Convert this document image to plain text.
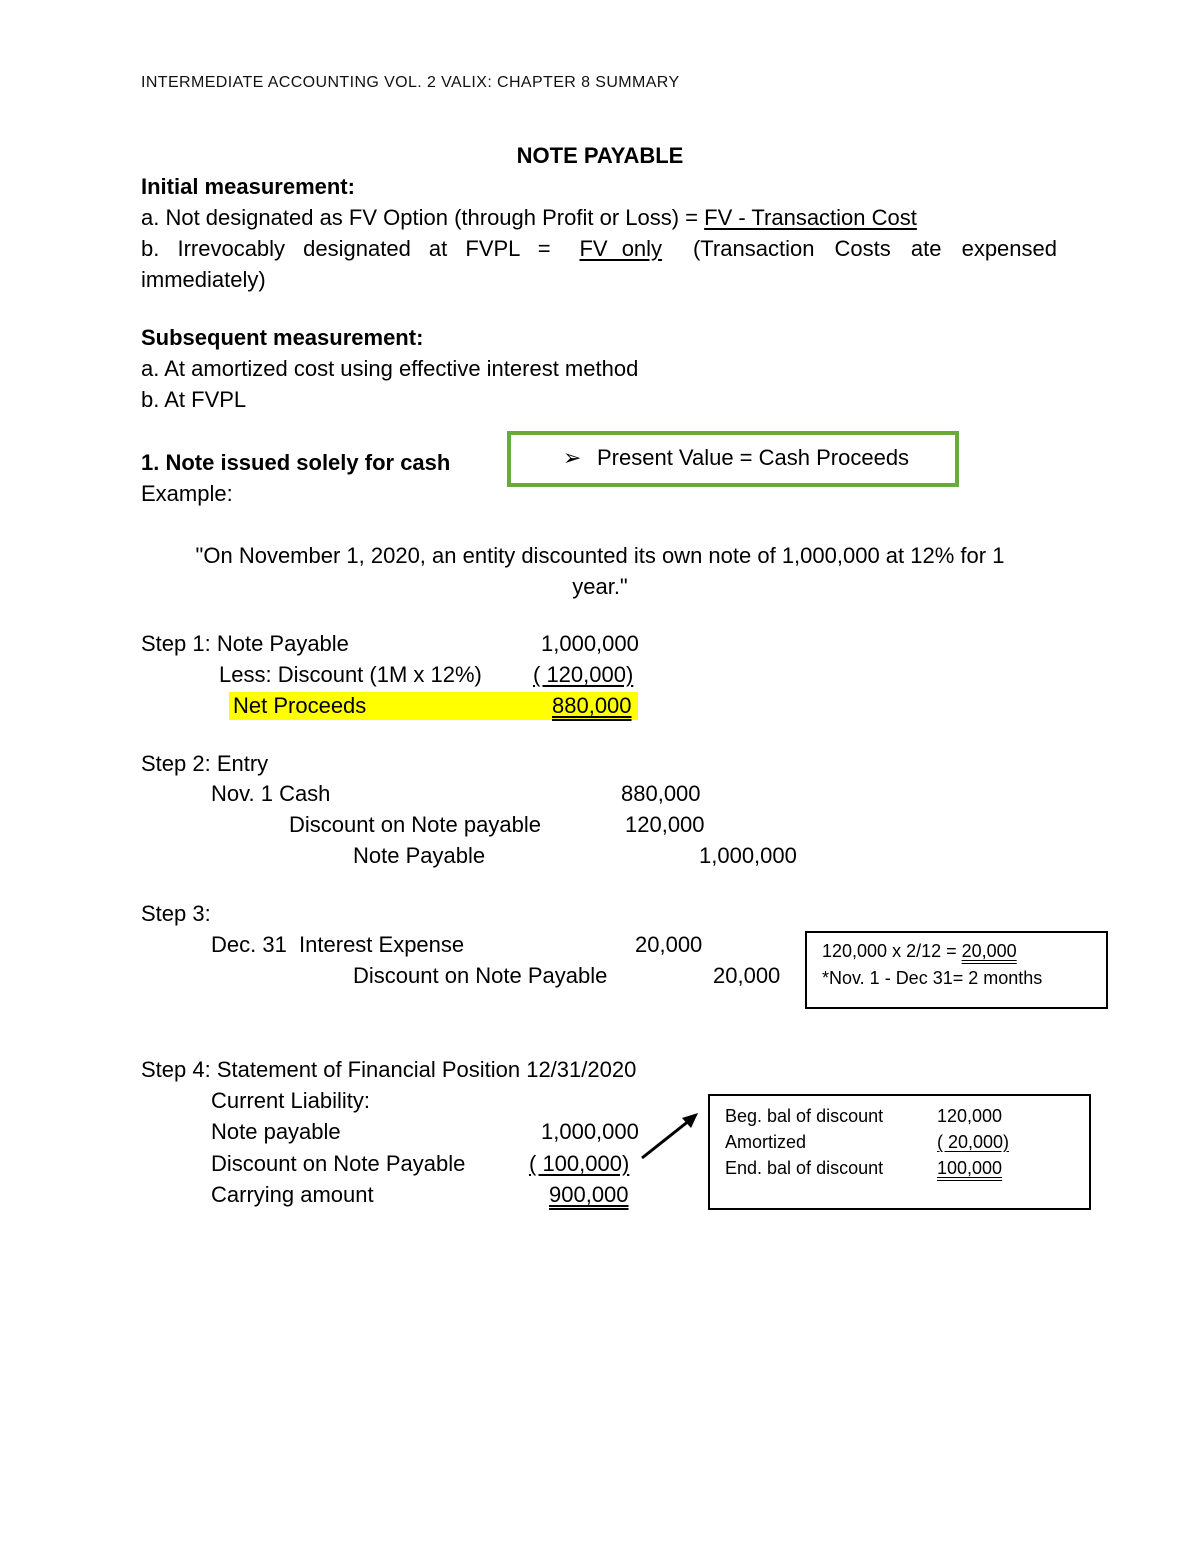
INTERMEDIATE ACCOUNTING VOL. 2 VALIX: CHAPTER 8 SUMMARY
NOTE PAYABLE
Initial measurement:
a. Not designated as FV Option (through Profit or Loss) = FV - Transaction Cost
b. Irrevocably designated at FVPL = FV only (Transaction Costs ate expensed
immediately)
Subsequent measurement:
a. At amortized cost using effective interest method
b. At FVPL
1. Note issued solely for cash
Example:
➢ Present Value = Cash Proceeds
"On November 1, 2020, an entity discounted its own note of 1,000,000 at 12% for 1
year."
Step 1: Note Payable	1,000,000
Less: Discount (1M x 12%) ( 120,000)
Net Proceeds	880,000
Step 2: Entry
Nov. 1 Cash	880,000
Discount on Note payable	120,000
Note Payable	1,000,000
Step 3:
Dec. 31  Interest Expense	20,000
Discount on Note Payable	20,000
120,000 x 2/12 = 20,000
*Nov. 1 - Dec 31= 2 months
Step 4: Statement of Financial Position 12/31/2020
Current Liability:
Note payable	1,000,000
Discount on Note Payable	( 100,000)
Carrying amount	900,000
Beg. bal of discount	120,000
Amortized	( 20,000)
End. bal of discount	100,000
